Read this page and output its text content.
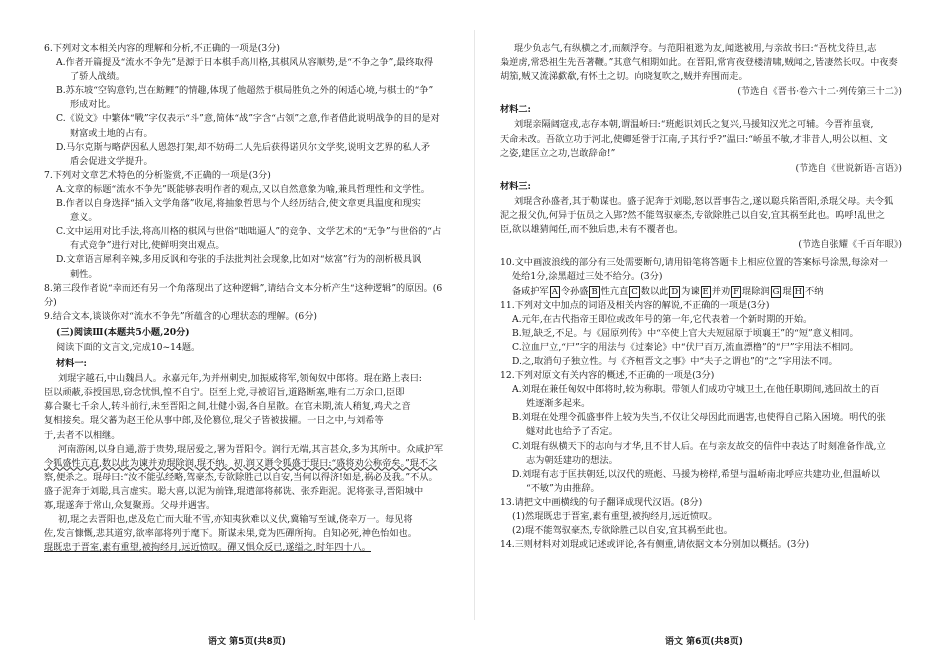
6.下列对文本相关内容的理解和分析,不正确的一项是(3分)

A.作者开篇提及“流水不争先”是源于日本棋手高川格,其棋风从容顺势,是“不争之争”,最终取得

了骄人战绩。

B.苏东坡“空钩意钓,岂在鲂鲤”的情趣,体现了他超然于棋局胜负之外的闲适心境,与棋士的“争”

形成对比。

C.《说文》中繁体“戰”字仅表示“斗”意,简体“战”字含“占领”之意,作者借此说明战争的目的是对

财富或土地的占有。

D.马尔克斯与略萨因私人恩怨打架,却不妨碍二人先后获得诺贝尔文学奖,说明文艺界的私人矛

盾会促进文学提升。

7.下列对文章艺术特色的分析鉴赏,不正确的一项是(3分)

A.文章的标题“流水不争先”既能够表明作者的观点,又以自然意象为喻,兼具哲理性和文学性。

B.作者以自身选择“插入文学角落”收尾,将抽象哲思与个人经历结合,使文章更具温度和现实

意义。

C.文中运用对比手法,将高川格的棋风与世俗“咄咄逼人”的竞争、文学艺术的“无争”与世俗的“占

有式竞争”进行对比,使鲜明突出观点。

D.文章语言犀利辛辣,多用反讽和夸张的手法批判社会现象,比如对“炫富”行为的剖析极具讽

刺性。

8.第三段作者说“幸而还有另一个角落现出了这种逻辑”,请结合文本分析产生“这种逻辑”的原因。(6分)

9.结合文本,谈谈你对“流水不争先”所蕴含的心理状态的理解。(6分)

(三)阅读Ⅲ(本题共5小题,20分)

阅读下面的文言文,完成10~14题。

材料一:

刘琨字越石,中山魏昌人。永嘉元年,为并州刺史,加振威将军,领匈奴中郎将。琨在路上表曰:

臣以顽蔽,忝授国思,窃念忧惧,惶不自宁。臣至上党,寻被诏旨,道路断塞,唯有二万余口,臣即

募合聚七千余人,转斗前行,未至晋阳之间,壮健小弱,各自星散。在官未期,流人稍复,鸡犬之音

复相接矣。琨父蕃为赵王伦从事中郎,及伦篡位,琨父子皆被拔擢。一日之中,与刘希等

于,去者不以相继。

河南游闲,以身自通,游于贵势,琨居爱之,署为晋阳令。润行无端,其言甚众,多为其所中。众咸护军

令狐盛性亢直,数以此为谏并劝琨除润,琨不纳。初,润又谮令狐盛于琨曰:“盛将劝公称帝矣。”琨不之

察,便杀之。琨母曰:“汝不能弘经略,驾豪杰,专欲除胜己以自安,当何以得济!如是,祸必及我。”不从。

盛子泥奔于刘聪,具言虚实。聪大喜,以泥为前锋,琨遣部将郝诜、张乔距泥。泥将张寻,晋阳城中

寡,琨遂奔于常山,众复聚焉。父母并遇害。

初,琨之去晋阳也,虑及危亡而大耻不雪,亦知夷狄难以义伏,冀输写至诚,侥幸万一。每见将

佐,发言慷慨,悲其道穷,欲率部将列于麾下。斯谋未果,竟为匹磾所拘。自知必死,神色怡如也。

琨既忠于晋室,素有重望,被拘经月,远近愤叹。磾又惧众反已,遂缢之,时年四十八。

琨少负志气,有纵横之才,而颇浮夸。与范阳祖逖为友,闻逖被用,与亲故书曰:“吾枕戈待旦,志

枭逆虏,常恐祖生先吾著鞭。”其意气相期如此。在晋阳,常宵夜登楼清啸,贼闻之,皆凄然长叹。中夜奏

胡笳,贼又流涕歔欷,有怀土之切。向晓复吹之,贼并弃围而走。

(节选自《晋书·卷六十二·列传第三十二》)

材料二:

刘琨亲隔阔寇戎,志存本朝,谓温峤曰:“班彪识刘氏之复兴,马援知汉光之可辅。今晋祚虽衰,

天命未改。吾欲立功于河北,使卿延誉于江南,子其行乎?”温曰:“峤虽不敏,才非昔人,明公以桓、文

之姿,建匡立之功,岂敢辞命!”

(节选自《世说新语·言语》)

材料三:

刘琨含孙盛者,其于勒谋也。盛子泥奔于刘聪,怒以晋事告之,遂以聪兵陷晋阳,杀琨父母。夫令狐

泥之报父仇,何异于伍员之入郢?然不能驾驭豪杰,专欲除胜己以自安,宜其祸至此也。呜呼!乱世之

臣,欲以雄猜闻任,而不独后患,未有不覆者也。

(节选自张耀《千百年眼》)

10.文中画波浪线的部分有三处需要断句,请用铅笔将答题卡上相应位置的答案标号涂黑,每涂对一

处给1分,涂黑超过三处不给分。(3分)

备咸护军 A 令孙盛 B 性亢直 C 数以此 D 为谏 E 并劝 F 琨除润 G 琨 H 不纳

11.下列对文中加点的词语及相关内容的解说,不正确的一项是(3分)

A.元年,在古代指帝王即位或改年号的第一年,它代表着一个新时期的开始。

B.短,缺乏,不足。与《屈原列传》中“卒使上官大夫短屈原于顷襄王”的“短”意义相同。

C.泣血尸立,“尸”字的用法与《过秦论》中“伏尸百万,流血漂橹”的“尸”字用法不相同。

D.之,取消句子独立性。与《齐桓晋文之事》中“夫子之谓也”的“之”字用法不同。

12.下列对原文有关内容的概述,不正确的一项是(3分)

A.刘琨在兼任匈奴中郎将时,较为称职。带领人们成功守城卫土,在他任职期间,逃回故土的百

姓逐渐多起来。

B.刘琨在处理令孤盛事件上较为失当,不仅让父母因此而遇害,也使得自己陷入困境。明代的张

燧对此也给予了否定。

C.刘琨有纵横天下的志向与才华,且不甘人后。在与亲友故交的信件中表达了时刻准备作战,立

志为朝廷建功的想法。

D.刘琨有志于匡扶朝廷,以汉代的班彪、马援为榜样,希望与温峤南北呼应共建功业,但温峤以

“不敏”为由推辞。

13.请把文中画横线的句子翻译成现代汉语。(8分)

(1)然琨既忠于晋室,素有重望,被拘经月,远近愤叹。

(2)琨不能驾驭豪杰,专欲除胜己以自安,宜其祸至此也。

14.三则材料对刘琨或记述或评论,各有侧重,请依据文本分别加以概括。(3分)

语文 第5页(共8页)	语文 第6页(共8页)
